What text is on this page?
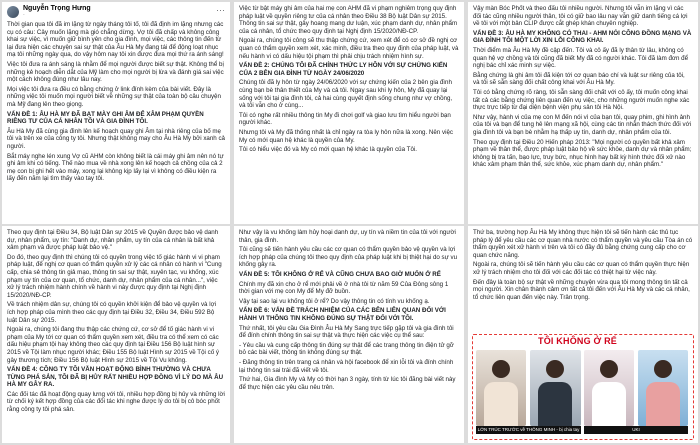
Nguyễn Trọng Hưng
·	···

Thời gian qua tôi đã im lặng từ ngày tháng tôi tố, tôi đã định im lặng nhưng các cụ có câu: Cây muốn lặng mà gió chẳng dừng. Vợ tôi đã chấp và không công khai sự việc, vì muốn giữ bình yên cho gia đình, mọi việc, các thông tin đến từ lại đưa hiện các chuyện sai sự thật của Âu Hà My đang tái để động loạt nhục mạ tôi những ngày qua, do vậy hôm nay tôi xin được đưa mọi thứ ra ánh sáng!

Việc tôi đưa ra ánh sáng là nhằm để mọi người được biết sự thật. Không thể bị những kẻ hoạch diễn dắt của Mỹ làm cho mọi người bị lừa và đánh giá sai việc một cách không đúng như lâu nay.

Mọi việc tôi đưa ra đều có bằng chứng ở link đính kèm của bài viết. Đây là những việc tôi muốn mọi người biết về những sự thật của toàn bộ câu chuyện mà Mỹ đang lên theo giọng.

VẤN ĐỀ 1: ÂU HÀ MY ĐÃ BẠT MÀY GHI ÂM ĐỂ XÂM PHẠM QUYỀN RIÊNG TƯ CỦA CÁ NHÂN TÔI VÀ GIA ĐÌNH TÔI.

Âu Hà My đã cùng gia đình lên kế hoạch quay ghi Âm tại nhà riêng của bố mẹ tôi và trên xe của công ty tôi. Nhưng thật không may cho Âu Hà My bởi xanh cả người.

Bắt máy nghe lén xung Vợ cũ AHM còn không biết là cái máy ghi âm nên nó tự ghi âm khi có tiếng. Thế nào mua về nhà xong lên kế hoạch cả chồng của cả 2 mẹ con bị ghi hết vào máy, xong lại không kịp lấy lại vì không có điều kiện ra lấy đến năm lại tìm thấy vào tay tôi.

Theo quy định tại Điều 34, Bộ luật Dân sự 2015 về Quyền được bảo vệ danh dự, nhân phẩm, uy tín: "Danh dự, nhân phẩm, uy tín của cá nhân là bất khả xâm phạm và được pháp luật bảo vệ."

Do đó, theo quy định thì chúng tôi có quyền trong việc tố giác hành vi vi phạm pháp luật, để nghị cơ quan có thẩm quyền xử lý các cá nhân có hành vi "Cung cấp, chia sẻ thông tin giả mạo, thông tin sai sự thật, xuyên tạc, vu khống, xúc phạm uy tín của cơ quan, tổ chức, danh dự, nhân phẩm của cá nhân...", việc xử lý trách nhiệm hành chính về hành vi này được quy định tại Nghị định 15/2020/NĐ-CP.

Về trách nhiệm dân sự, chúng tôi có quyền khởi kiện để bảo vệ quyền và lợi ích hợp pháp của mình theo các quy định tại Điều 32, Điều 34, Điều 592 Bộ luật Dân sự 2015.

Ngoài ra, chúng tôi đang thu thập các chứng cứ, cơ sở để tố giác hành vi vi phạm của My tới cơ quan có thẩm quyền xem xét, điều tra có thể xem có các dấu hiệu phạm tội hay không theo các quy định tại Điều 156 Bộ luật hình sự 2015 về Tội làm nhục người khác; Điều 155 Bộ luật Hình sự 2015 về Tội cố ý gây thương tích; Điều 156 Bộ luật Hình sự 2015 về Tội Vu khống.

VẤN ĐỀ 4: CÔNG TY TÔI VẪN HOẠT ĐỘNG BÌNH THƯỜNG VÀ CHƯA TỪNG PHÁ SẢN, TÔI ĐÃ BỊ HỦY RẤT NHIỀU HỢP ĐỒNG VÌ LÝ DO MÀ ÂU HÀ MY GÂY RA.

Các đối tác đã hoạt động quay lưng với tôi, nhiều hợp đồng bị hủy và những lời từ chối ký kết hợp đồng của các đối tác khi nghe được lý do tôi bị cô bóc phốt rằng công ty tôi phá sản.

Việc từ bật máy ghi âm của hai mẹ con AHM đã vi phạm nghiêm trọng quy định pháp luật về quyền riêng tư của cá nhân theo Điều 38 Bộ luật Dân sự 2015. Thông tin sai sự thật, gây hoang mang dư luận, xúc phạm danh dự, nhân phẩm của cá nhân, tổ chức theo quy định tại Nghị định 15/2020/NĐ-CP.

Ngoài ra, chúng tôi công sẽ thu thập chứng cứ, xem xét để có cơ sở đề nghị cơ quan có thẩm quyền xem xét, xác minh, điều tra theo quy định của pháp luật, và nếu hành vi có dấu hiệu tội phạm thì phải chịu trách nhiệm hình sự.

VẤN ĐỀ 2: CHÚNG TÔI ĐÃ CHÍNH THỨC LY HÔN VỚI SỰ CHỨNG KIẾN CỦA 2 BÊN GIA ĐÌNH TỪ NGÀY 24/06/2020

Chúng tôi đã ly hôn từ ngày 24/06/2020 với sự chứng kiến của 2 bên gia đình cùng bạn bè thân thiết của My và cả tôi. Ngay sau khi ly hôn, My đã quay lại sống với tôi tại gia đình tôi, cả hai cùng quyết định sống chung như vợ chồng, và tôi vẫn cho ở cùng...

Tôi có nghe rất nhiều thông tin My đi chơi golf và giao lưu tìm hiểu người bạn người khác.

Nhưng tôi và My đã thống nhất là chỉ ngày ra tòa ly hôn nữa là xong. Nên việc My có mới quan hệ khác là quyền của My.

Tôi có hiểu việc đó và My có mới quan hệ khác là quyền của Tôi.

Như vậy là vu khống làm hủy hoại danh dự, uy tín và niềm tin của tôi với người thân, gia đình.

Tôi cũng sẽ tiến hành yêu cầu các cơ quan có thẩm quyền bảo vệ quyền và lợi ích hợp pháp của chúng tôi theo quy định của pháp luật khi bị thiệt hại do sự vu khống gây ra.

VẤN ĐỀ 5: TÔI KHÔNG Ở RỂ VÀ CŨNG CHƯA BAO GIỜ MUỐN Ở RỂ

Chính my đã xin cho ở rể mới phải về ở nhà tôi từ năm 59 Của Đông sông 1 thời gian với mẹ con My để My đỡ buồn.

Vậy tại sao lại vu khống tôi ở rể? Do vậy thông tin có tính vu khống ạ.

VẤN ĐỀ 6: VẤN ĐỀ TRÁCH NHIỆM CỦA CÁC BÊN LIÊN QUAN ĐỐI VỚI HÀNH VI THÔNG TIN KHÔNG ĐÚNG SỰ THẬT ĐỐI VỚI TÔI.

Thứ nhất, tôi yêu cầu Gia Đình Âu Hà My Sang trực tiếp gặp tôi và gia đình tôi để đính chính thông tin sai sự thật và thực hiện các việc cụ thể sau:

- Yêu cầu và cung cấp thông tin đúng sự thật để các trang thông tin điện tử gỡ bỏ các bài viết, thông tin không đúng sự thật.

- Đăng thông tin trên trang cá nhân và hội facebook để xin lỗi tôi và đính chính lại thông tin sai trái đã viết về tôi.

Thứ hai, Gia đình My và My có thời hạn 3 ngày, tính từ lúc tôi đăng bài viết này để thực hiện các yêu cầu nêu trên.

Vậy màn Bóc Phốt và theo đấu tôi nhiều người. Nhưng tôi vẫn im lặng vì các đối tác cũng nhiều người thân, tôi có giữ bao lâu nay vẫn giữ danh tiếng cá lợi về tôi với một bản CLIP được cắt ghép khán chuyên nghiệp.

VẤN ĐỀ 3: ÂU HÀ MY KHÔNG CÓ THAI - AHM NÓI CÔNG ĐỒNG MẠNG VÀ GIA ĐÌNH TÔI MỘT LỜI XIN LỖI CÔNG KHAI.

Thời điểm mà Âu Hà My đề cập đến. Tôi và cô ấy đã ly thân từ lâu, không có quan hệ vợ chồng và tôi cũng đã biết My đã có người khác. Tôi đã làm đơn để nghị bác chỉ xác minh sự việc.

Bằng chứng là ghi âm tôi đã kiện tới cơ quan báo chí và luật sư riêng của tôi, và tôi sẽ sẵn sàng đối chất công khai với Âu Hà My.

Tôi có bằng chứng rõ ràng, tôi sẵn sàng đối chất với cô ấy, tôi muốn công khai tất cả các bằng chứng liên quan đến vụ việc, cho những người muốn nghe xác thực trực tiếp từ đại diện bệnh viện phụ sản tôi Hà Nội.

Như vậy, hành vi của mẹ con M đến nói vì của bạn tôi, quay phim, ghi hình ảnh của tôi và bạn để tung hê lên mạng xã hội, cùng các tin nhắn thách thức đối với gia đình tôi và bạn bè nhằm hạ thấp uy tín, danh dự, nhân phẩm của tôi.

Theo quy định tại Điều 20 Hiến pháp 2013: "Mọi người có quyền bất khả xâm phạm về thân thể, được pháp luật bảo hộ về sức khỏe, danh dự và nhân phẩm; không bị tra tấn, bạo lực, truy bức, nhục hình hay bất kỳ hình thức đối xử nào khác xâm phạm thân thể, sức khỏe, xúc phạm danh dự, nhân phẩm."

Thứ ba, trường hợp Âu Hà My không thực hiện tôi sẽ tiến hành các thủ tục pháp lý để yêu cầu các cơ quan nhà nước có thẩm quyền và yêu cầu Tòa án có thẩm quyền xét xử hành vi trên và tôi có đầy đủ bằng chứng cung cấp cho cơ quan chức năng.

Ngoài ra, chúng tôi sẽ tiến hành yêu cầu các cơ quan có thẩm quyền thực hiện xử lý trách nhiệm cho tôi đối với các đối tác có thiệt hại từ việc này.

Đến đây là toàn bộ sự thật về những chuyện vừa qua tôi mong thông tin tất cả mọi người. Xin chân thành cảm ơn tất cả tôi đến với Âu Hà My và các cá nhân, tổ chức liên quan đến việc này. Trân trọng.

TÔI KHÔNG Ở RỂ
LỚN TRÚC TRƯỚC về THÔNG MINH - bị chia tay	UKI
